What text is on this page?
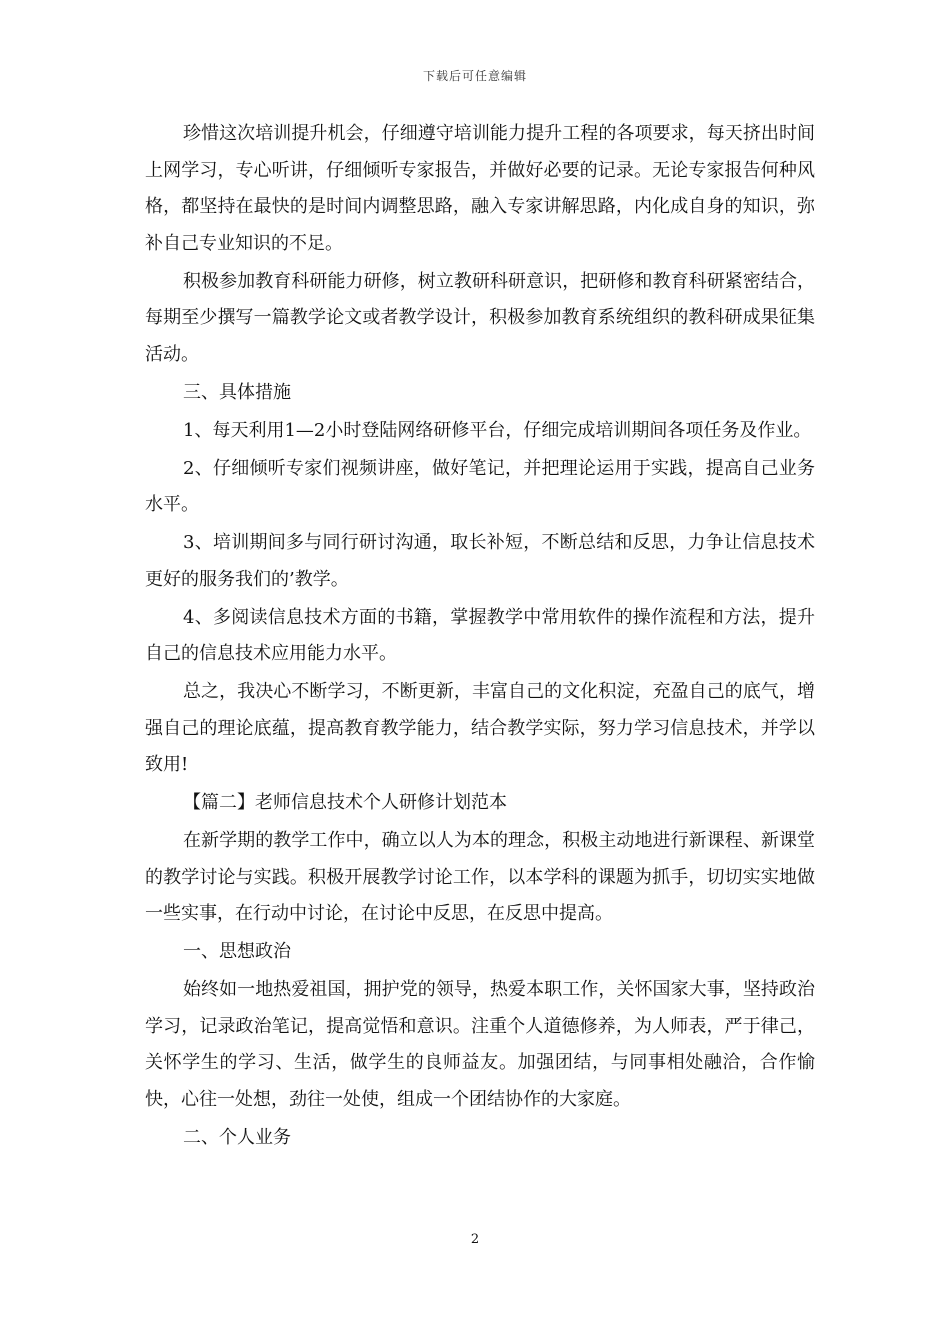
下载后可任意编辑

珍惜这次培训提升机会，仔细遵守培训能力提升工程的各项要求，每天挤出时间上网学习，专心听讲，仔细倾听专家报告，并做好必要的记录。无论专家报告何种风格，都坚持在最快的是时间内调整思路，融入专家讲解思路，内化成自身的知识，弥补自己专业知识的不足。

积极参加教育科研能力研修，树立教研科研意识，把研修和教育科研紧密结合，每期至少撰写一篇教学论文或者教学设计，积极参加教育系统组织的教科研成果征集活动。

三、具体措施

1、每天利用1—2小时登陆网络研修平台，仔细完成培训期间各项任务及作业。

2、仔细倾听专家们视频讲座，做好笔记，并把理论运用于实践，提高自己业务水平。

3、培训期间多与同行研讨沟通，取长补短，不断总结和反思，力争让信息技术更好的服务我们的’教学。

4、多阅读信息技术方面的书籍，掌握教学中常用软件的操作流程和方法，提升自己的信息技术应用能力水平。

总之，我决心不断学习，不断更新，丰富自己的文化积淀，充盈自己的底气，增强自己的理论底蕴，提高教育教学能力，结合教学实际，努力学习信息技术，并学以致用!

【篇二】老师信息技术个人研修计划范本

在新学期的教学工作中，确立以人为本的理念，积极主动地进行新课程、新课堂的教学讨论与实践。积极开展教学讨论工作，以本学科的课题为抓手，切切实实地做一些实事，在行动中讨论，在讨论中反思，在反思中提高。

一、思想政治

始终如一地热爱祖国，拥护党的领导，热爱本职工作，关怀国家大事，坚持政治学习，记录政治笔记，提高觉悟和意识。注重个人道德修养，为人师表，严于律己，关怀学生的学习、生活，做学生的良师益友。加强团结，与同事相处融洽，合作愉快，心往一处想，劲往一处使，组成一个团结协作的大家庭。

二、个人业务

2
